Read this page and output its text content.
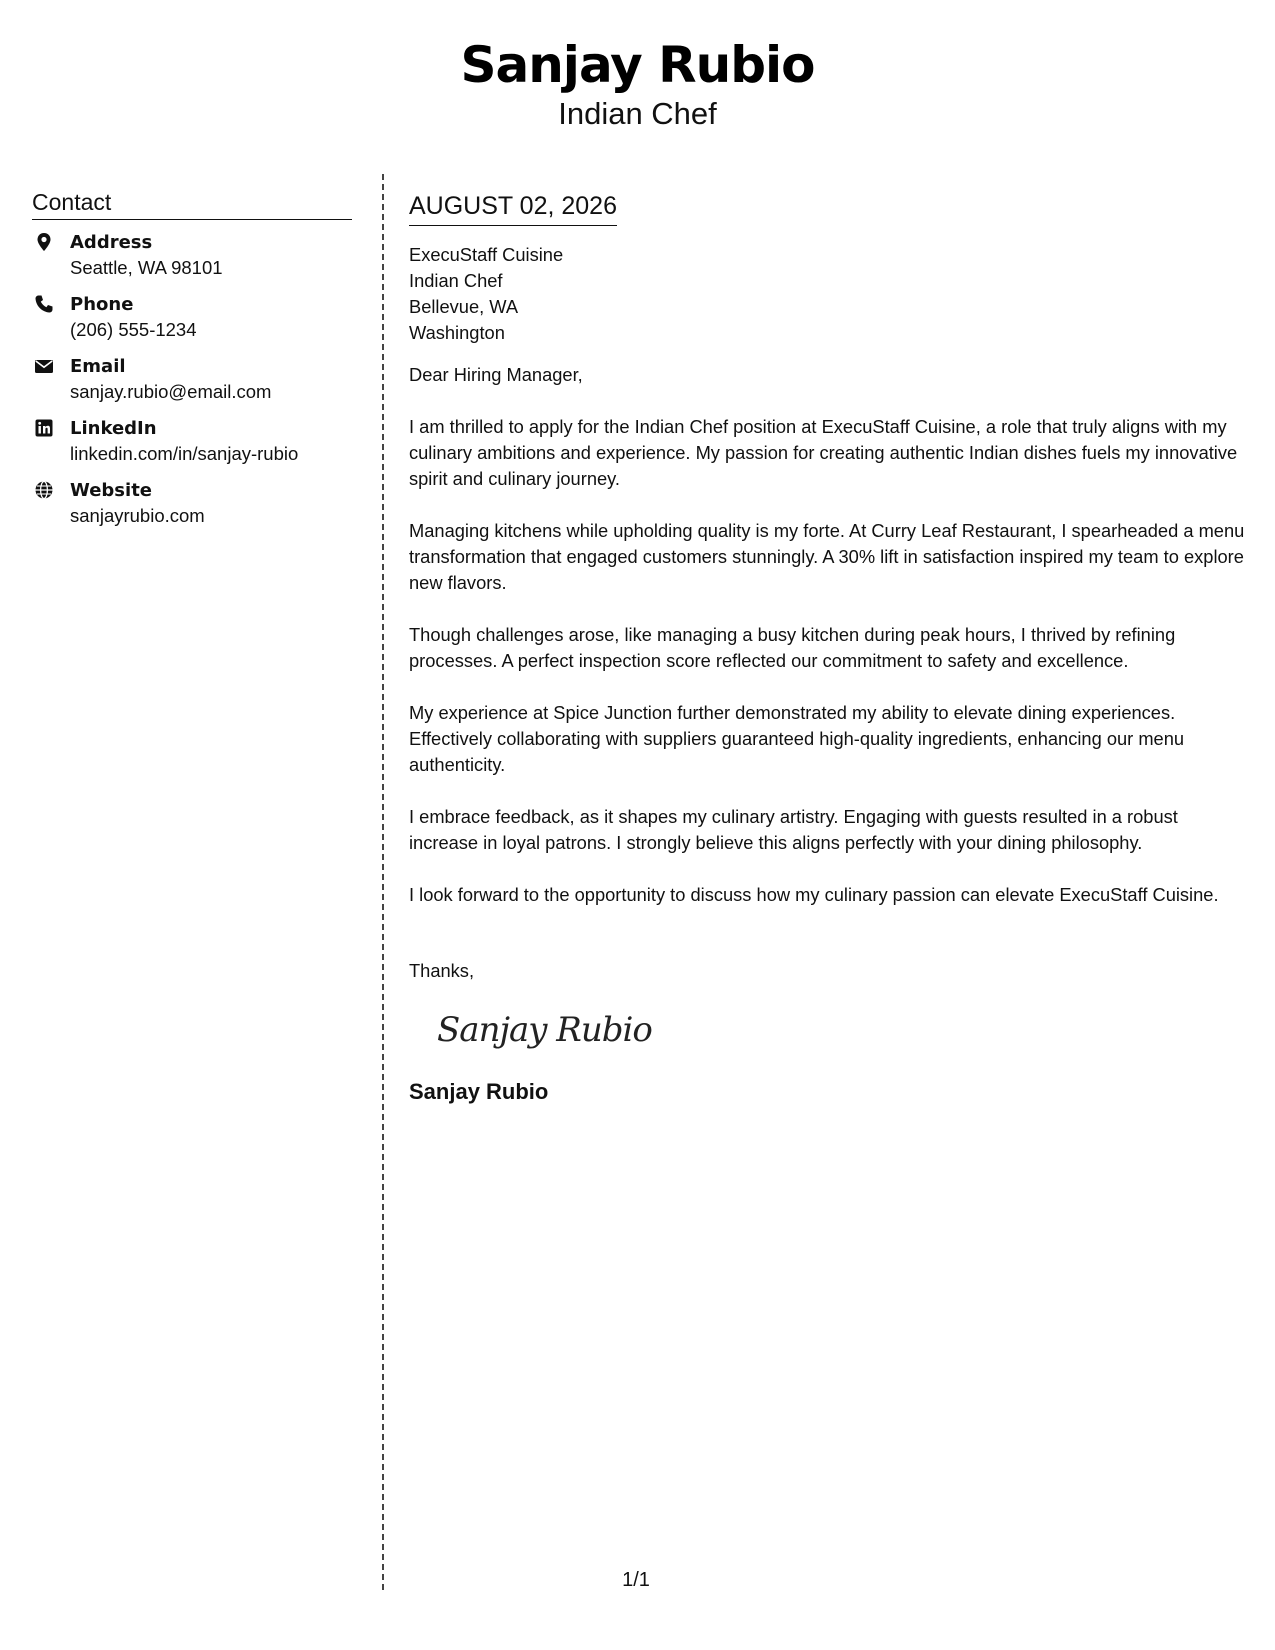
Sanjay Rubio
Indian Chef
Contact
Address
Seattle, WA 98101
Phone
(206) 555-1234
Email
sanjay.rubio@email.com
LinkedIn
linkedin.com/in/sanjay-rubio
Website
sanjayrubio.com
AUGUST 02, 2026
ExecuStaff Cuisine
Indian Chef
Bellevue, WA
Washington
Dear Hiring Manager,
I am thrilled to apply for the Indian Chef position at ExecuStaff Cuisine, a role that truly aligns with my culinary ambitions and experience. My passion for creating authentic Indian dishes fuels my innovative spirit and culinary journey.
Managing kitchens while upholding quality is my forte. At Curry Leaf Restaurant, I spearheaded a menu transformation that engaged customers stunningly. A 30% lift in satisfaction inspired my team to explore new flavors.
Though challenges arose, like managing a busy kitchen during peak hours, I thrived by refining processes. A perfect inspection score reflected our commitment to safety and excellence.
My experience at Spice Junction further demonstrated my ability to elevate dining experiences. Effectively collaborating with suppliers guaranteed high-quality ingredients, enhancing our menu authenticity.
I embrace feedback, as it shapes my culinary artistry. Engaging with guests resulted in a robust increase in loyal patrons. I strongly believe this aligns perfectly with your dining philosophy.
I look forward to the opportunity to discuss how my culinary passion can elevate ExecuStaff Cuisine.
Thanks,
Sanjay Rubio
Sanjay Rubio
1/1
